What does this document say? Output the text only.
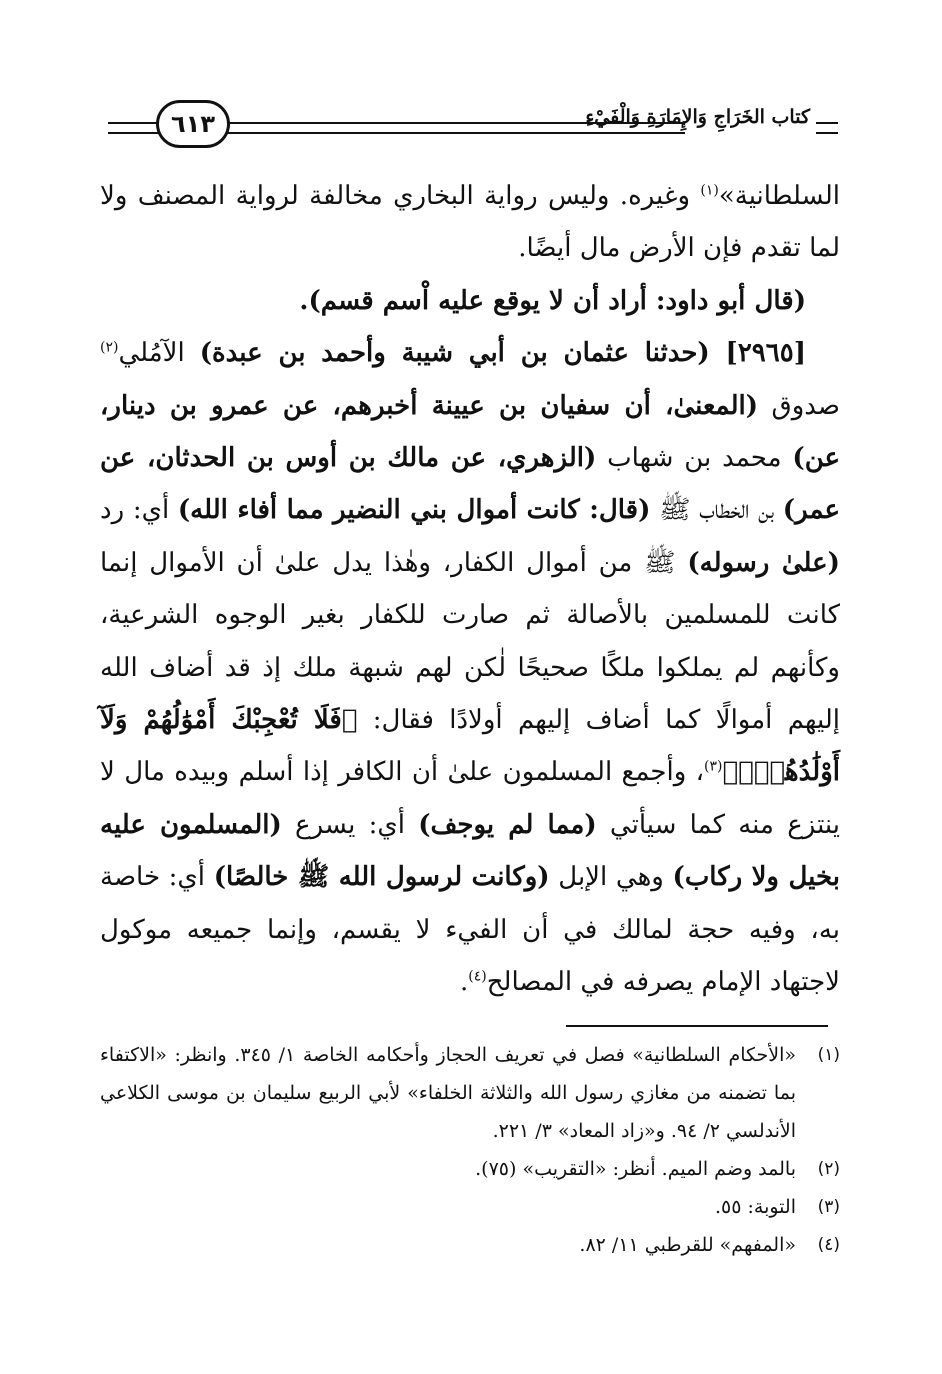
٦١٣	كتاب الخَرَاجِ وَالإِمَارَةِ وَالْفَيْءِ

السلطانية»$^{(١)}$ وغيره. وليس رواية البخاري مخالفة لرواية المصنف ولا لما تقدم فإن الأرض مال أيضًا.

(قال أبو داود: أراد أن لا يوقع عليه اْسم قسم).

[٢٩٦٥] (حدثنا عثمان بن أبي شيبة وأحمد بن عبدة) الآمُلي$^{(٢)}$ صدوق (المعنىٰ، أن سفيان بن عيينة أخبرهم، عن عمرو بن دينار، عن) محمد بن شهاب (الزهري، عن مالك بن أوس بن الحدثان، عن عمر) بن الخطاب ﷺ (قال: كانت أموال بني النضير مما أفاء الله) أي: رد (علىٰ رسوله) ﷺ من أموال الكفار، وهٰذا يدل علىٰ أن الأموال إنما كانت للمسلمين بالأصالة ثم صارت للكفار بغير الوجوه الشرعية، وكأنهم لم يملكوا ملكًا صحيحًا لٰكن لهم شبهة ملك إذ قد أضاف الله إليهم أموالًا كما أضاف إليهم أولادًا فقال: ﴿فَلَا تُعْجِبْكَ أَمْوَٰلُهُمْ وَلَآ أَوْلَٰدُهُمْۚ﴾$^{(٣)}$، وأجمع المسلمون علىٰ أن الكافر إذا أسلم وبيده مال لا ينتزع منه كما سيأتي (مما لم يوجف) أي: يسرع (المسلمون عليه بخيل ولا ركاب) وهي الإبل (وكانت لرسول الله ﷺ خالصًا) أي: خاصة به، وفيه حجة لمالك في أن الفيء لا يقسم، وإنما جميعه موكول لاجتهاد الإمام يصرفه في المصالح$^{(٤)}$.

(١)
«الأحكام السلطانية» فصل في تعريف الحجاز وأحكامه الخاصة ١/ ٣٤٥. وانظر: «الاكتفاء بما تضمنه من مغازي رسول الله والثلاثة الخلفاء» لأبي الربيع سليمان بن موسى الكلاعي الأندلسي ٢/ ٩٤. و«زاد المعاد» ٣/ ٢٢١.
(٢)
بالمد وضم الميم. أنظر: «التقريب» (٧٥).
(٣)
التوبة: ٥٥.
(٤)
«المفهم» للقرطبي ١١/ ٨٢.
